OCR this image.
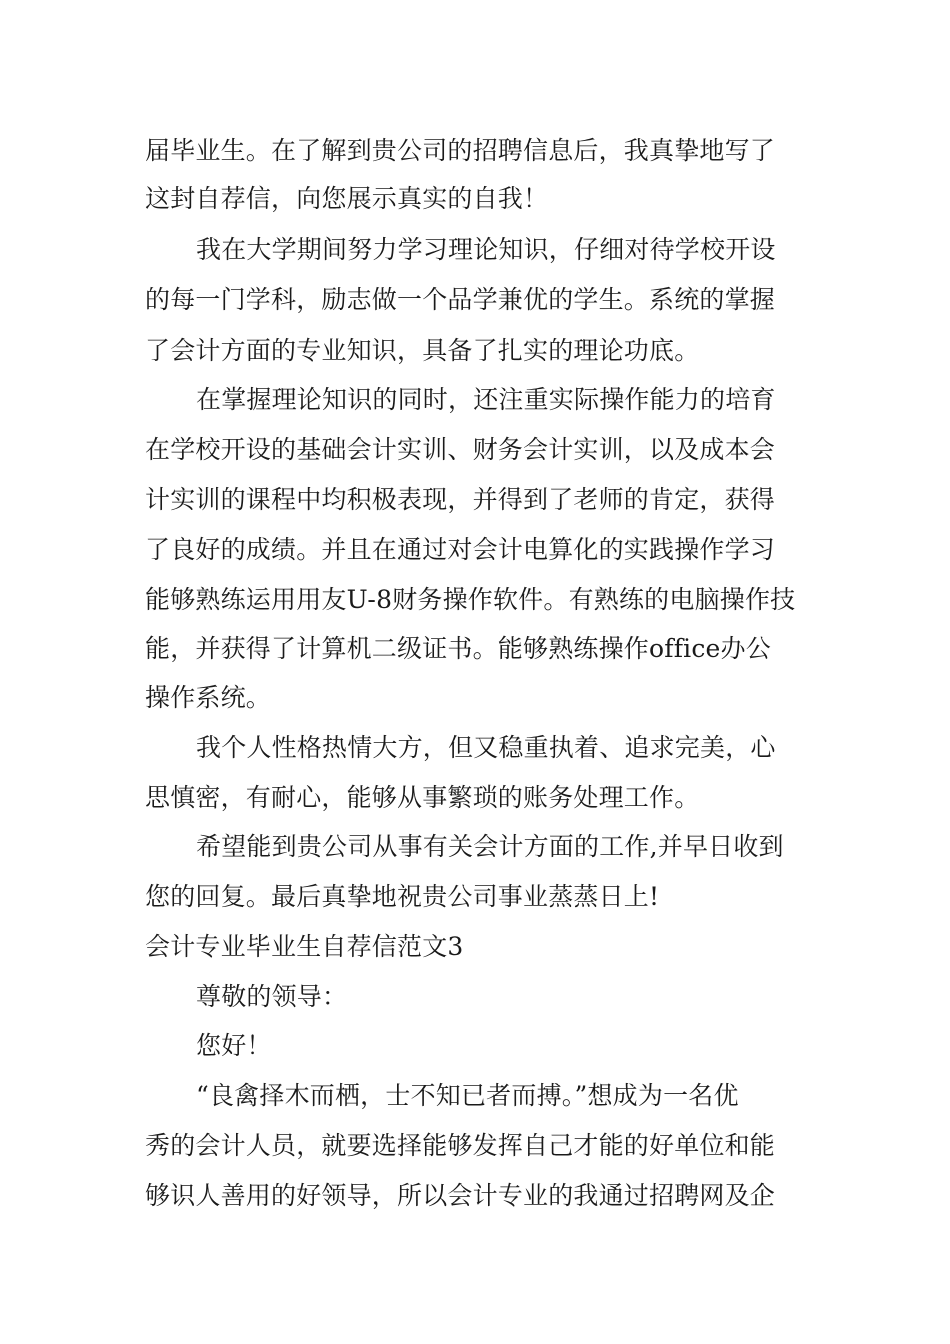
届毕业生。在了解到贵公司的招聘信息后，我真挚地写了
这封自荐信，向您展示真实的自我！
我在大学期间努力学习理论知识，仔细对待学校开设
的每一门学科，励志做一个品学兼优的学生。系统的掌握
了会计方面的专业知识，具备了扎实的理论功底。
在掌握理论知识的同时，还注重实际操作能力的培育
在学校开设的基础会计实训、财务会计实训，以及成本会
计实训的课程中均积极表现，并得到了老师的肯定，获得
了良好的成绩。并且在通过对会计电算化的实践操作学习
能够熟练运用用友U-8财务操作软件。有熟练的电脑操作技
能，并获得了计算机二级证书。能够熟练操作office办公
操作系统。
我个人性格热情大方，但又稳重执着、追求完美，心
思慎密，有耐心，能够从事繁琐的账务处理工作。
希望能到贵公司从事有关会计方面的工作,并早日收到
您的回复。最后真挚地祝贵公司事业蒸蒸日上!
会计专业毕业生自荐信范文3
尊敬的领导：
您好！
“良禽择木而栖，士不知已者而搏。”想成为一名优
秀的会计人员，就要选择能够发挥自己才能的好单位和能
够识人善用的好领导，所以会计专业的我通过招聘网及企
